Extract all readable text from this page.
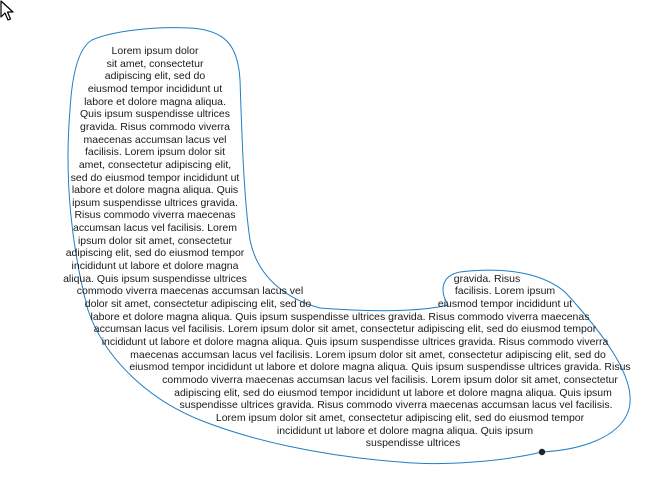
Lorem ipsum dolor
sit amet, consectetur
adipiscing elit, sed do
eiusmod tempor incididunt ut
labore et dolore magna aliqua.
Quis ipsum suspendisse ultrices
gravida. Risus commodo viverra
maecenas accumsan lacus vel
facilisis. Lorem ipsum dolor sit
amet, consectetur adipiscing elit,
sed do eiusmod tempor incididunt ut
labore et dolore magna aliqua. Quis
ipsum suspendisse ultrices gravida.
Risus commodo viverra maecenas
accumsan lacus vel facilisis. Lorem
ipsum dolor sit amet, consectetur
adipiscing elit, sed do eiusmod tempor
incididunt ut labore et dolore magna
aliqua. Quis ipsum suspendisse ultrices
commodo viverra maecenas accumsan lacus vel
dolor sit amet, consectetur adipiscing elit, sed do
labore et dolore magna aliqua. Quis ipsum suspendisse ultrices gravida. Risus commodo viverra maecenas
accumsan lacus vel facilisis. Lorem ipsum dolor sit amet, consectetur adipiscing elit, sed do eiusmod tempor
incididunt ut labore et dolore magna aliqua. Quis ipsum suspendisse ultrices gravida. Risus commodo viverra
maecenas accumsan lacus vel facilisis. Lorem ipsum dolor sit amet, consectetur adipiscing elit, sed do
eiusmod tempor incididunt ut labore et dolore magna aliqua. Quis ipsum suspendisse ultrices gravida. Risus
commodo viverra maecenas accumsan lacus vel facilisis. Lorem ipsum dolor sit amet, consectetur
adipiscing elit, sed do eiusmod tempor incididunt ut labore et dolore magna aliqua. Quis ipsum
suspendisse ultrices gravida. Risus commodo viverra maecenas accumsan lacus vel facilisis.
Lorem ipsum dolor sit amet, consectetur adipiscing elit, sed do eiusmod tempor
incididunt ut labore et dolore magna aliqua. Quis ipsum
suspendisse ultrices
gravida. Risus
facilisis. Lorem ipsum
eiusmod tempor incididunt ut
